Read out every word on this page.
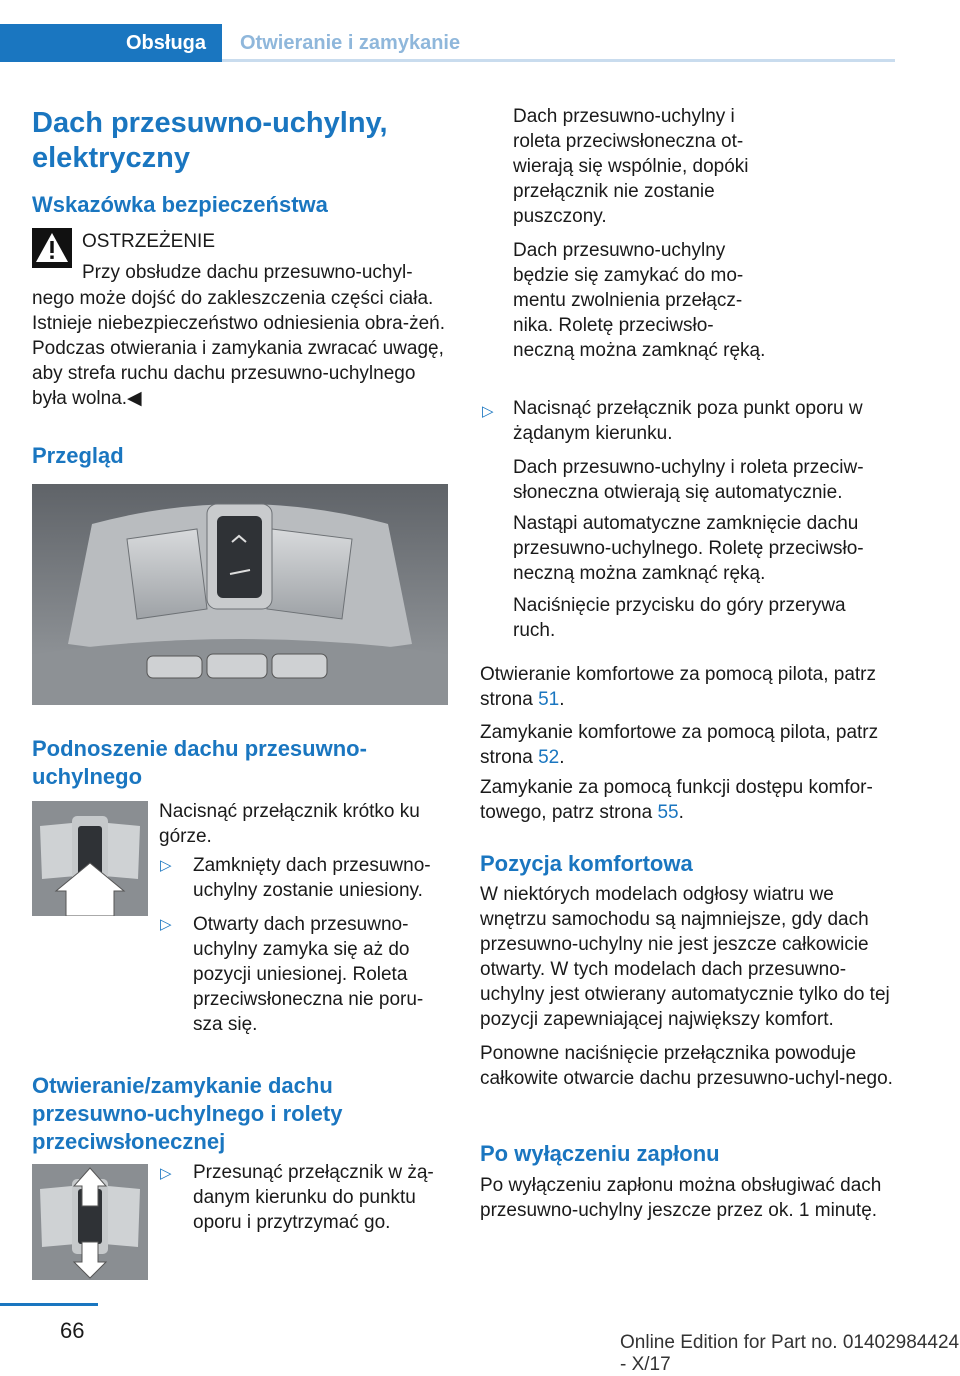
Obsługa Otwieranie i zamykanie
Dach przesuwno-uchylny, elektryczny
Wskazówka bezpieczeństwa

OSTRZEŻENIE

Przy obsłudze dachu przesuwno-uchyl-

nego może dojść do zakleszczenia części ciała. Istnieje niebezpieczeństwo odniesienia obra-żeń. Podczas otwierania i zamykania zwracać uwagę, aby strefa ruchu dachu przesuwno-uchylnego była wolna.◀

Przegląd
Podnoszenie dachu przesuwno-uchylnego

Nacisnąć przełącznik krótko ku górze.

▷ Zamknięty dach przesuwno-uchylny zostanie uniesiony.

▷ Otwarty dach przesuwno-uchylny zamyka się aż do pozycji uniesionej. Roleta przeciwsłoneczna nie poru-sza się.

Otwieranie/zamykanie dachu przesuwno-uchylnego i rolety przeciwsłonecznej
▷ Przesunąć przełącznik w żą-danym kierunku do punktu oporu i przytrzymać go.

Dach przesuwno-uchylny i roleta przeciwsłoneczna ot-wierają się wspólnie, dopóki przełącznik nie zostanie puszczony.

Dach przesuwno-uchylny będzie się zamykać do mo-mentu zwolnienia przełącz-nika. Roletę przeciwsło-neczną można zamknąć ręką.

▷ Nacisnąć przełącznik poza punkt oporu w żądanym kierunku.

Dach przesuwno-uchylny i roleta przeciw-słoneczna otwierają się automatycznie.

Nastąpi automatyczne zamknięcie dachu przesuwno-uchylnego. Roletę przeciwsło-neczną można zamknąć ręką.

Naciśnięcie przycisku do góry przerywa ruch.

Otwieranie komfortowe za pomocą pilota, patrz strona 51.

Zamykanie komfortowe za pomocą pilota, patrz strona 52.

Zamykanie za pomocą funkcji dostępu komfor-towego, patrz strona 55.

Pozycja komfortowa

W niektórych modelach odgłosy wiatru we wnętrzu samochodu są najmniejsze, gdy dach przesuwno-uchylny nie jest jeszcze całkowicie otwarty. W tych modelach dach przesuwno-uchylny jest otwierany automatycznie tylko do tej pozycji zapewniającej największy komfort.

Ponowne naciśnięcie przełącznika powoduje całkowite otwarcie dachu przesuwno-uchyl-nego.

Po wyłączeniu zapłonu

Po wyłączeniu zapłonu można obsługiwać dach przesuwno-uchylny jeszcze przez ok. 1 minutę.

66	Online Edition for Part no. 01402984424 - X/17
